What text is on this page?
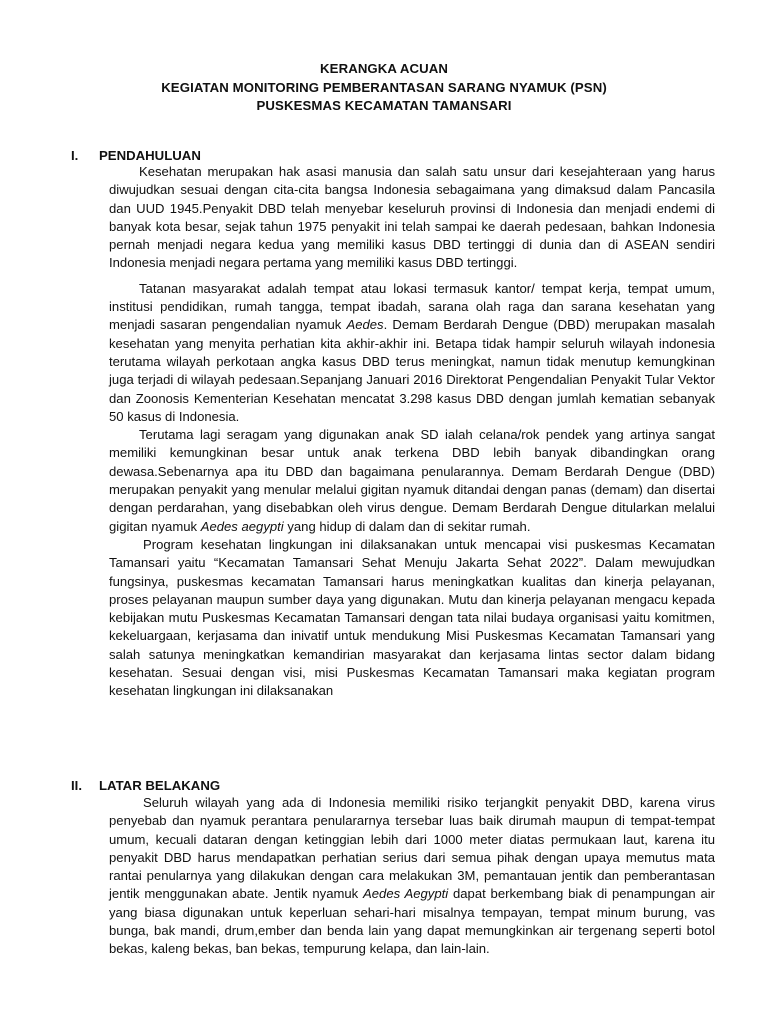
KERANGKA ACUAN
KEGIATAN MONITORING PEMBERANTASAN SARANG NYAMUK (PSN)
PUSKESMAS KECAMATAN TAMANSARI
I. PENDAHULUAN

Kesehatan merupakan hak asasi manusia dan salah satu unsur dari kesejahteraan yang harus diwujudkan sesuai dengan cita-cita bangsa Indonesia sebagaimana yang dimaksud dalam Pancasila dan UUD 1945.Penyakit DBD telah menyebar keseluruh provinsi di Indonesia dan menjadi endemi di banyak kota besar, sejak tahun 1975 penyakit ini telah sampai ke daerah pedesaan, bahkan Indonesia pernah menjadi negara kedua yang memiliki kasus DBD tertinggi di dunia dan di ASEAN sendiri Indonesia menjadi negara pertama yang memiliki kasus DBD tertinggi.

Tatanan masyarakat adalah tempat atau lokasi termasuk kantor/ tempat kerja, tempat umum, institusi pendidikan, rumah tangga, tempat ibadah, sarana olah raga dan sarana kesehatan yang menjadi sasaran pengendalian nyamuk Aedes. Demam Berdarah Dengue (DBD) merupakan masalah kesehatan yang menyita perhatian kita akhir-akhir ini. Betapa tidak hampir seluruh wilayah indonesia terutama wilayah perkotaan angka kasus DBD terus meningkat, namun tidak menutup kemungkinan juga terjadi di wilayah pedesaan.Sepanjang Januari 2016 Direktorat Pengendalian Penyakit Tular Vektor dan Zoonosis Kementerian Kesehatan mencatat 3.298 kasus DBD dengan jumlah kematian sebanyak 50 kasus di Indonesia.

Terutama lagi seragam yang digunakan anak SD ialah celana/rok pendek yang artinya sangat memiliki kemungkinan besar untuk anak terkena DBD lebih banyak dibandingkan orang dewasa.Sebenarnya apa itu DBD dan bagaimana penularannya. Demam Berdarah Dengue (DBD) merupakan penyakit yang menular melalui gigitan nyamuk ditandai dengan panas (demam) dan disertai dengan perdarahan, yang disebabkan oleh virus dengue. Demam Berdarah Dengue ditularkan melalui gigitan nyamuk Aedes aegypti yang hidup di dalam dan di sekitar rumah.

Program kesehatan lingkungan ini dilaksanakan untuk mencapai visi puskesmas Kecamatan Tamansari yaitu “Kecamatan Tamansari Sehat Menuju Jakarta Sehat 2022”. Dalam mewujudkan fungsinya, puskesmas kecamatan Tamansari harus meningkatkan kualitas dan kinerja pelayanan, proses pelayanan maupun sumber daya yang digunakan. Mutu dan kinerja pelayanan mengacu kepada kebijakan mutu Puskesmas Kecamatan Tamansari dengan tata nilai budaya organisasi yaitu komitmen, kekeluargaan, kerjasama dan inivatif untuk mendukung Misi Puskesmas Kecamatan Tamansari yang salah satunya meningkatkan kemandirian masyarakat dan kerjasama lintas sector dalam bidang kesehatan. Sesuai dengan visi, misi Puskesmas Kecamatan Tamansari maka kegiatan program kesehatan lingkungan ini dilaksanakan

II. LATAR BELAKANG

Seluruh wilayah yang ada di Indonesia memiliki risiko terjangkit penyakit DBD, karena virus penyebab dan nyamuk perantara penulararnya tersebar luas baik dirumah maupun di tempat-tempat umum, kecuali dataran dengan ketinggian lebih dari 1000 meter diatas permukaan laut, karena itu penyakit DBD harus mendapatkan perhatian serius dari semua pihak dengan upaya memutus mata rantai penularnya yang dilakukan dengan cara melakukan 3M, pemantauan jentik dan pemberantasan jentik menggunakan abate. Jentik nyamuk Aedes Aegypti dapat berkembang biak di penampungan air yang biasa digunakan untuk keperluan sehari-hari misalnya tempayan, tempat minum burung, vas bunga, bak mandi, drum,ember dan benda lain yang dapat memungkinkan air tergenang seperti botol bekas, kaleng bekas, ban bekas, tempurung kelapa, dan lain-lain.
